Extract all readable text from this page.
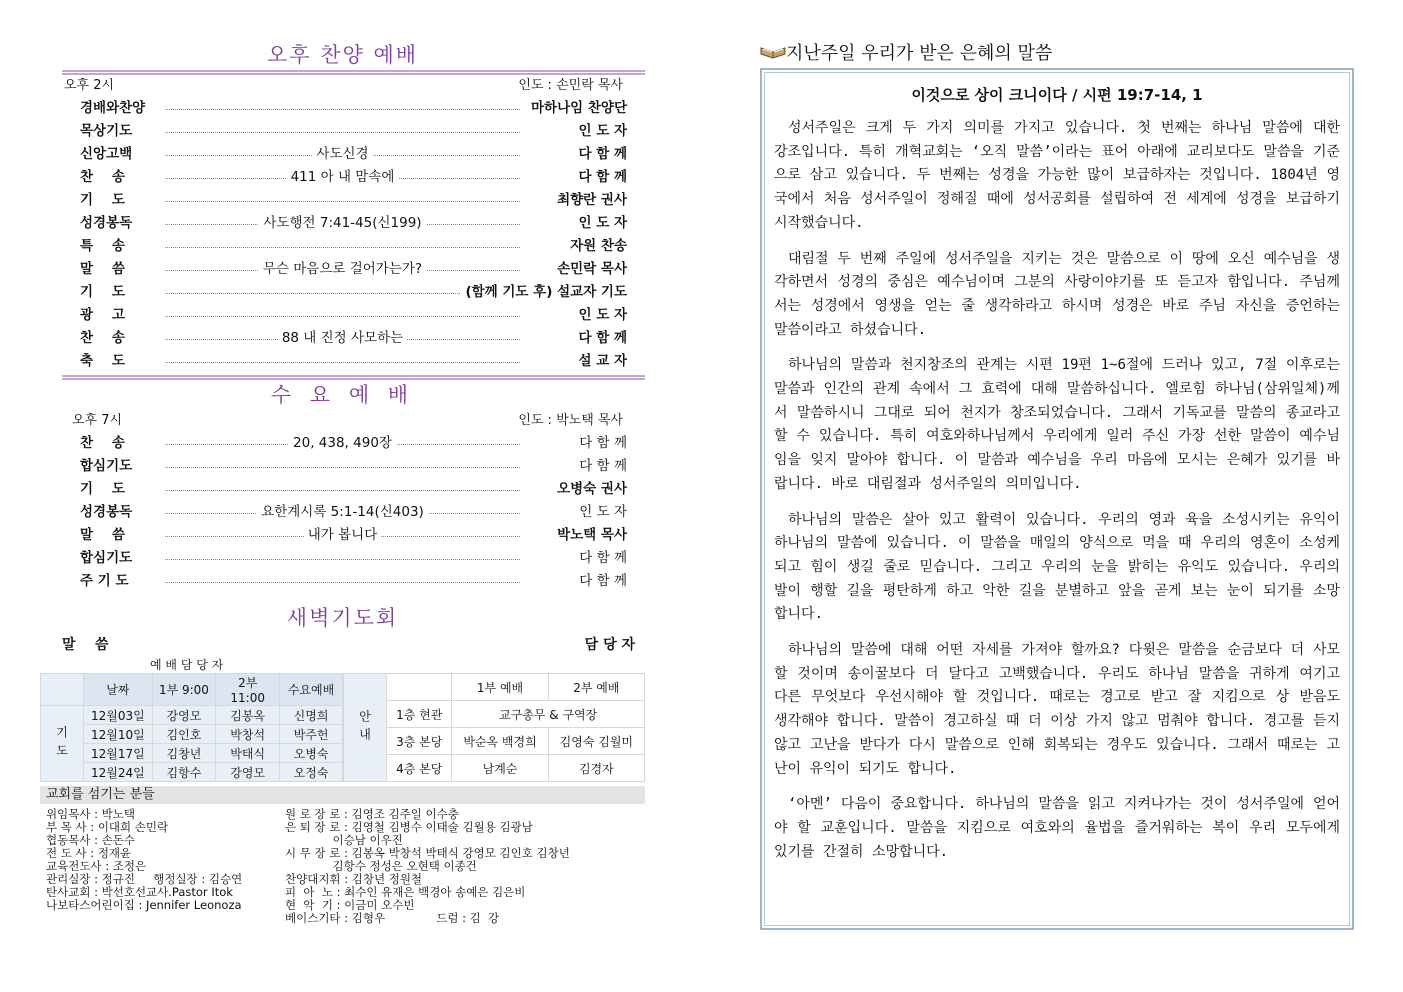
오후 찬양 예배
오후 2시	인도 : 손민락 목사
경배와찬양	마하나임 찬양단
목상기도	인 도 자
신앙고백	사도신경	다 함 께
찬    송	411 아 내 맘속에	다 함 께
기    도	최향란 권사
성경봉독	사도행전 7:41-45(신199)	인 도 자
특    송	자원 찬송
말    씀	무슨 마음으로 걸어가는가?	손민락 목사
기    도	(함께 기도 후) 설교자 기도
광    고	인 도 자
찬    송	88 내 진정 사모하는	다 함 께
축    도	설 교 자
수 요 예 배
오후 7시	인도 : 박노택 목사
찬    송	20, 438, 490장	다 함 께
합심기도	다 함 께
기    도	오병숙 권사
성경봉독	요한계시록 5:1-14(신403)	인 도 자
말    씀	내가 봅니다	박노택 목사
합심기도	다 함 께
주 기 도	다 함 께
새벽기도회
말    씀	담 당 자
예 배 담 당 자
	날짜	1부 9:00	2부 11:00	수요예배
기도	12월03일	강영모	김봉옥	신명희
	12월10일	김인호	박창석	박주헌
	12월17일	김창년	박태식	오병숙
	12월24일	김항수	강영모	오정숙
안내		1부 예배	2부 예배
	1층 현관	교구총무 & 구역장	
	3층 본당	박순옥 백경희	김영숙 김월미
	4층 본당	남계순	김경자
교회를 섬기는 분들
위임목사 : 박노택
부 목 사 : 이대희 손민락
협동목사 : 손돈수
전 도 사 : 정재윤
교육전도사 : 조정은
관리실장 : 정규진     행정실장 : 김승연
탄사교회 : 박선호선교사.Pastor Itok
나보타스어린이집 : Jennifer Leonoza
원 로 장 로 : 김영조 김주일 이수충
은 퇴 장 로 : 김영철 김병수 이태술 김월용 김광남
이승남 이우진
시 무 장 로 : 김봉옥 박창석 박태식 강영모 김인호 김창년
김항수 정성은 오현택 이종건
찬양대지휘 : 김창년 정원철
피  아  노 : 최수인 유재은 백경아 송예은 김은비
현  악  기 : 이금미 오수빈
베이스기타 : 김형우              드럼 : 김  강
지난주일 우리가 받은 은혜의 말씀
이것으로 상이 크니이다 / 시편 19:7-14, 1

성서주일은 크게 두 가지 의미를 가지고 있습니다. 첫 번째는 하나님 말씀에 대한 강조입니다. 특히 개혁교회는 ‘오직 말씀’이라는 표어 아래에 교리보다도 말씀을 기준으로 삼고 있습니다. 두 번째는 성경을 가능한 많이 보급하자는 것입니다. 1804년 영국에서 처음 성서주일이 정해질 때에 성서공회를 설립하여 전 세계에 성경을 보급하기 시작했습니다.

대림절 두 번째 주일에 성서주일을 지키는 것은 말씀으로 이 땅에 오신 예수님을 생각하면서 성경의 중심은 예수님이며 그분의 사랑이야기를 또 듣고자 함입니다. 주님께서는 성경에서 영생을 얻는 줄 생각하라고 하시며 성경은 바로 주님 자신을 증언하는 말씀이라고 하셨습니다.

하나님의 말씀과 천지창조의 관계는 시편 19편 1~6절에 드러나 있고, 7절 이후로는 말씀과 인간의 관계 속에서 그 효력에 대해 말씀하십니다. 엘로힘 하나님(삼위일체)께서 말씀하시니 그대로 되어 천지가 창조되었습니다. 그래서 기독교를 말씀의 종교라고 할 수 있습니다. 특히 여호와하나님께서 우리에게 일러 주신 가장 선한 말씀이 예수님임을 잊지 말아야 합니다. 이 말씀과 예수님을 우리 마음에 모시는 은혜가 있기를 바랍니다. 바로 대림절과 성서주일의 의미입니다.

하나님의 말씀은 살아 있고 활력이 있습니다. 우리의 영과 육을 소성시키는 유익이 하나님의 말씀에 있습니다. 이 말씀을 매일의 양식으로 먹을 때 우리의 영혼이 소성케 되고 힘이 생길 줄로 믿습니다. 그리고 우리의 눈을 밝히는 유익도 있습니다. 우리의 발이 행할 길을 평탄하게 하고 악한 길을 분별하고 앞을 곧게 보는 눈이 되기를 소망합니다.

하나님의 말씀에 대해 어떤 자세를 가져야 할까요? 다윗은 말씀을 순금보다 더 사모할 것이며 송이꿀보다 더 달다고 고백했습니다. 우리도 하나님 말씀을 귀하게 여기고 다른 무엇보다 우선시해야 할 것입니다. 때로는 경고로 받고 잘 지킴으로 상 받음도 생각해야 합니다. 말씀이 경고하실 때 더 이상 가지 않고 멈춰야 합니다. 경고를 듣지 않고 고난을 받다가 다시 말씀으로 인해 회복되는 경우도 있습니다. 그래서 때로는 고난이 유익이 되기도 합니다.

‘아멘’ 다음이 중요합니다. 하나님의 말씀을 읽고 지켜나가는 것이 성서주일에 얻어야 할 교훈입니다. 말씀을 지킴으로 여호와의 율법을 즐거워하는 복이 우리 모두에게 있기를 간절히 소망합니다.
